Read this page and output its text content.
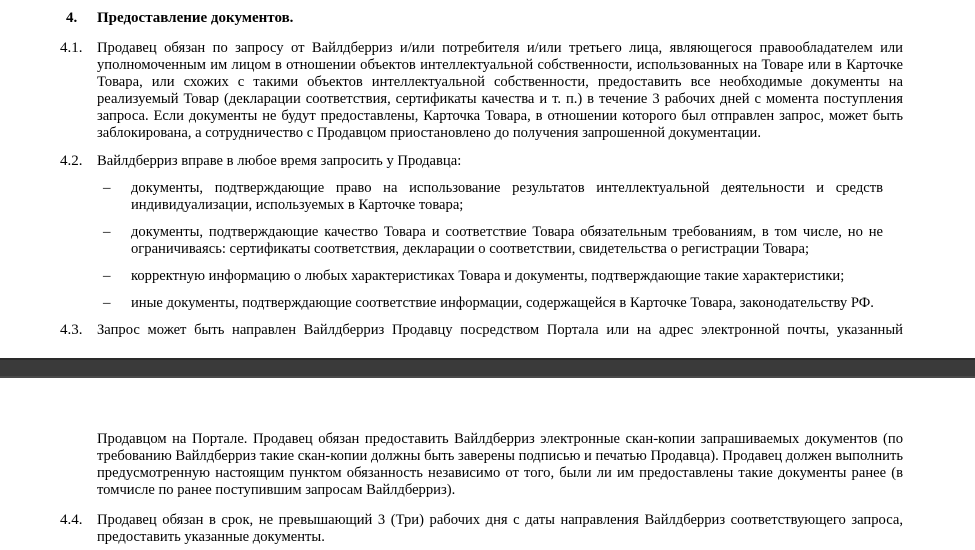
4. Предоставление документов.
4.1. Продавец обязан по запросу от Вайлдберриз и/или потребителя и/или третьего лица, являющегося правообладателем или уполномоченным им лицом в отношении объектов интеллектуальной собственности, использованных на Товаре или в Карточке Товара, или схожих с такими объектов интеллектуальной собственности, предоставить все необходимые документы на реализуемый Товар (декларации соответствия, сертификаты качества и т. п.) в течение 3 рабочих дней с момента поступления запроса. Если документы не будут предоставлены, Карточка Товара, в отношении которого был отправлен запрос, может быть заблокирована, а сотрудничество с Продавцом приостановлено до получения запрошенной документации.
4.2. Вайлдберриз вправе в любое время запросить у Продавца:
– документы, подтверждающие право на использование результатов интеллектуальной деятельности и средств индивидуализации, используемых в Карточке товара;
– документы, подтверждающие качество Товара и соответствие Товара обязательным требованиям, в том числе, но не ограничиваясь: сертификаты соответствия, декларации о соответствии, свидетельства о регистрации Товара;
– корректную информацию о любых характеристиках Товара и документы, подтверждающие такие характеристики;
– иные документы, подтверждающие соответствие информации, содержащейся в Карточке Товара, законодательству РФ.
4.3. Запрос может быть направлен Вайлдберриз Продавцу посредством Портала или на адрес электронной почты, указанный
Продавцом на Портале. Продавец обязан предоставить Вайлдберриз электронные скан-копии запрашиваемых документов (по требованию Вайлдберриз такие скан-копии должны быть заверены подписью и печатью Продавца). Продавец должен выполнить предусмотренную настоящим пунктом обязанность независимо от того, были ли им предоставлены такие документы ранее (в томчисле по ранее поступившим запросам Вайлдберриз).
4.4. Продавец обязан в срок, не превышающий 3 (Три) рабочих дня с даты направления Вайлдберриз соответствующего запроса, предоставить указанные документы.
